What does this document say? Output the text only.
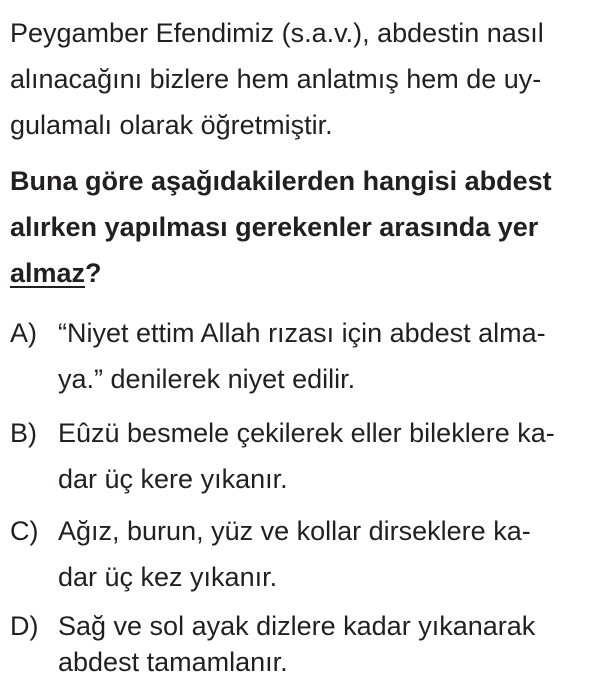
Peygamber Efendimiz (s.a.v.), abdestin nasıl
alınacağını bizlere hem anlatmış hem de uy-
gulamalı olarak öğretmiştir.
Buna göre aşağıdakilerden hangisi abdest
alırken yapılması gerekenler arasında yer
almaz?
A) “Niyet ettim Allah rızası için abdest alma-
ya.” denilerek niyet edilir.
B) Eûzü besmele çekilerek eller bileklere ka-
dar üç kere yıkanır.
C) Ağız, burun, yüz ve kollar dirseklere ka-
dar üç kez yıkanır.
D) Sağ ve sol ayak dizlere kadar yıkanarak
abdest tamamlanır.
